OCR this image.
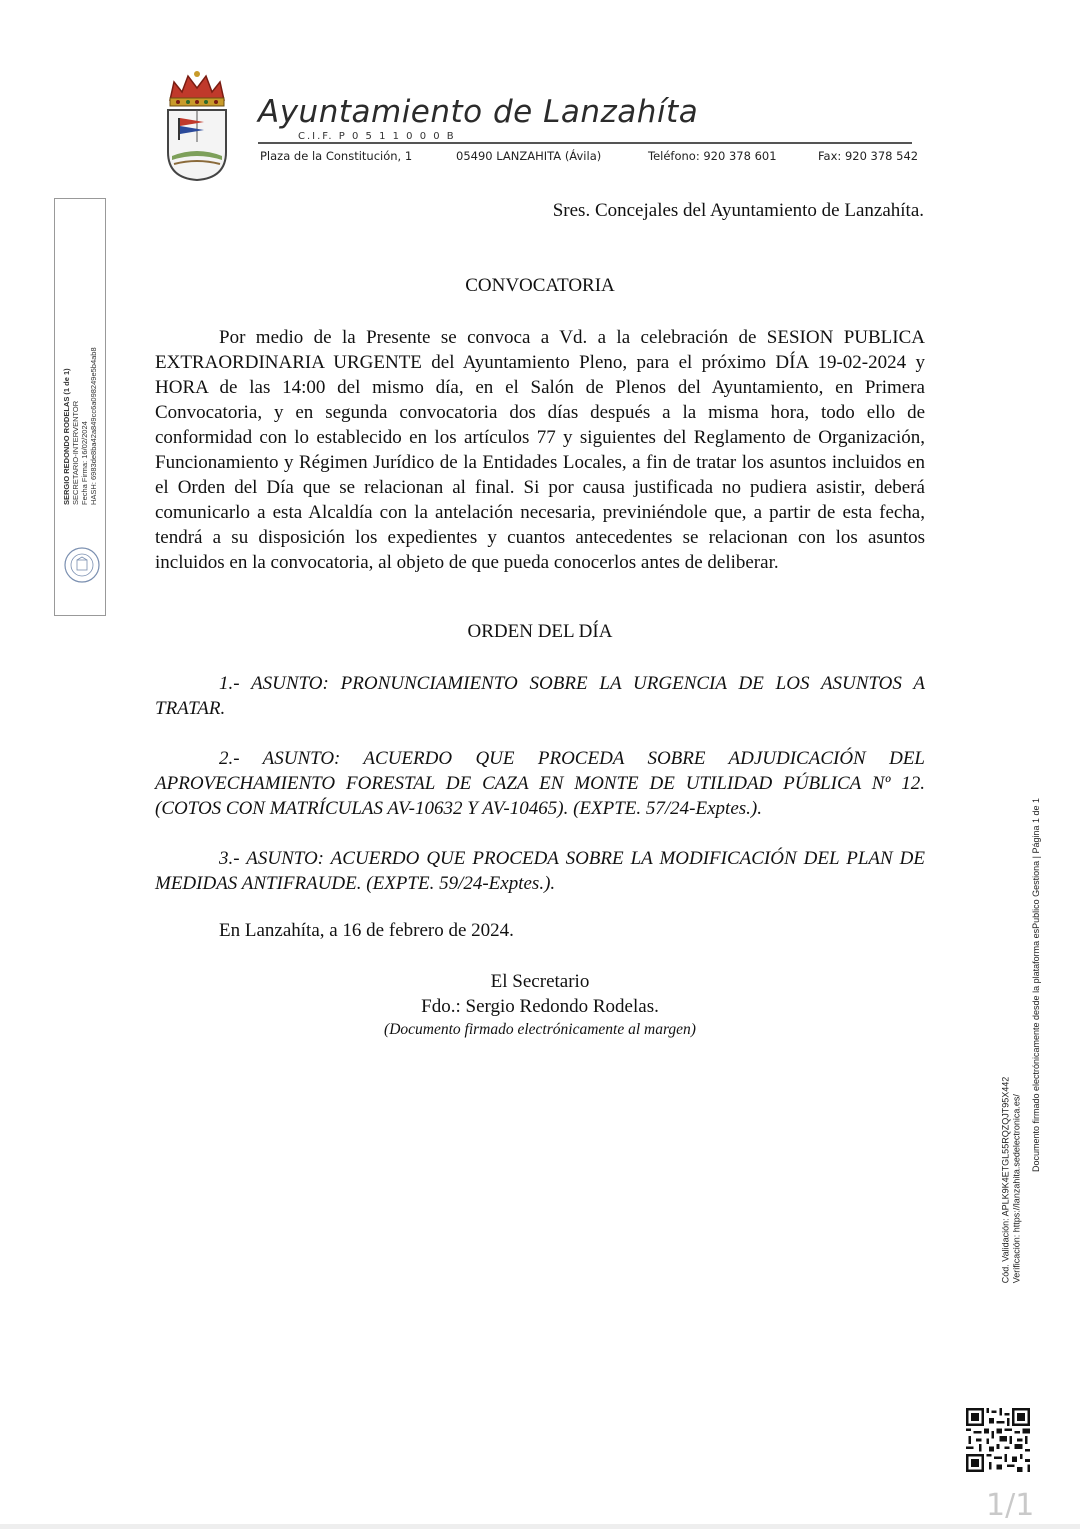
Ayuntamiento de Lanzahíta
C.I.F. P 0 5 1 1 0 0 0 B
Plaza de la Constitución, 1	05490 LANZAHITA (Ávila)	Teléfono: 920 378 601	Fax: 920 378 542
SERGIO REDONDO RODELAS (1 de 1) SECRETARIO-INTERVENTOR Fecha Firma: 16/02/2024 HASH: 6983de8ba42a849cc6a098249e5b4ab8
Sres. Concejales del Ayuntamiento de Lanzahíta.
CONVOCATORIA

Por medio de la Presente se convoca a Vd. a la celebración de SESION PUBLICA EXTRAORDINARIA URGENTE del Ayuntamiento Pleno, para el próximo DÍA 19-02-2024 y HORA de las 14:00 del mismo día, en el Salón de Plenos del Ayuntamiento, en Primera Convocatoria, y en segunda convocatoria dos días después a la misma hora, todo ello de conformidad con lo establecido en los artículos 77 y siguientes del Reglamento de Organización, Funcionamiento y Régimen Jurídico de la Entidades Locales, a fin de tratar los asuntos incluidos en el Orden del Día que se relacionan al final. Si por causa justificada no pudiera asistir, deberá comunicarlo a esta Alcaldía con la antelación necesaria, previniéndole que, a partir de esta fecha, tendrá a su disposición los expedientes y cuantos antecedentes se relacionan con los asuntos incluidos en la convocatoria, al objeto de que pueda conocerlos antes de deliberar.

ORDEN DEL DÍA

1.- ASUNTO: PRONUNCIAMIENTO SOBRE LA URGENCIA DE LOS ASUNTOS A TRATAR.

2.- ASUNTO: ACUERDO QUE PROCEDA SOBRE ADJUDICACIÓN DEL APROVECHAMIENTO FORESTAL DE CAZA EN MONTE DE UTILIDAD PÚBLICA Nº 12. (COTOS CON MATRÍCULAS AV-10632 Y AV-10465). (EXPTE. 57/24-Exptes.).

3.- ASUNTO: ACUERDO QUE PROCEDA SOBRE LA MODIFICACIÓN DEL PLAN DE MEDIDAS ANTIFRAUDE. (EXPTE. 59/24-Exptes.).

En Lanzahíta, a 16 de febrero de 2024.
El Secretario
Fdo.: Sergio Redondo Rodelas.
(Documento firmado electrónicamente al margen)
Cód. Validación: APLK9K4ETGL55RQZQJT95X442 Verificación: https://lanzahita.sedelectronica.es/

Documento firmado electrónicamente desde la plataforma esPublico Gestiona | Página 1 de 1
1/1
